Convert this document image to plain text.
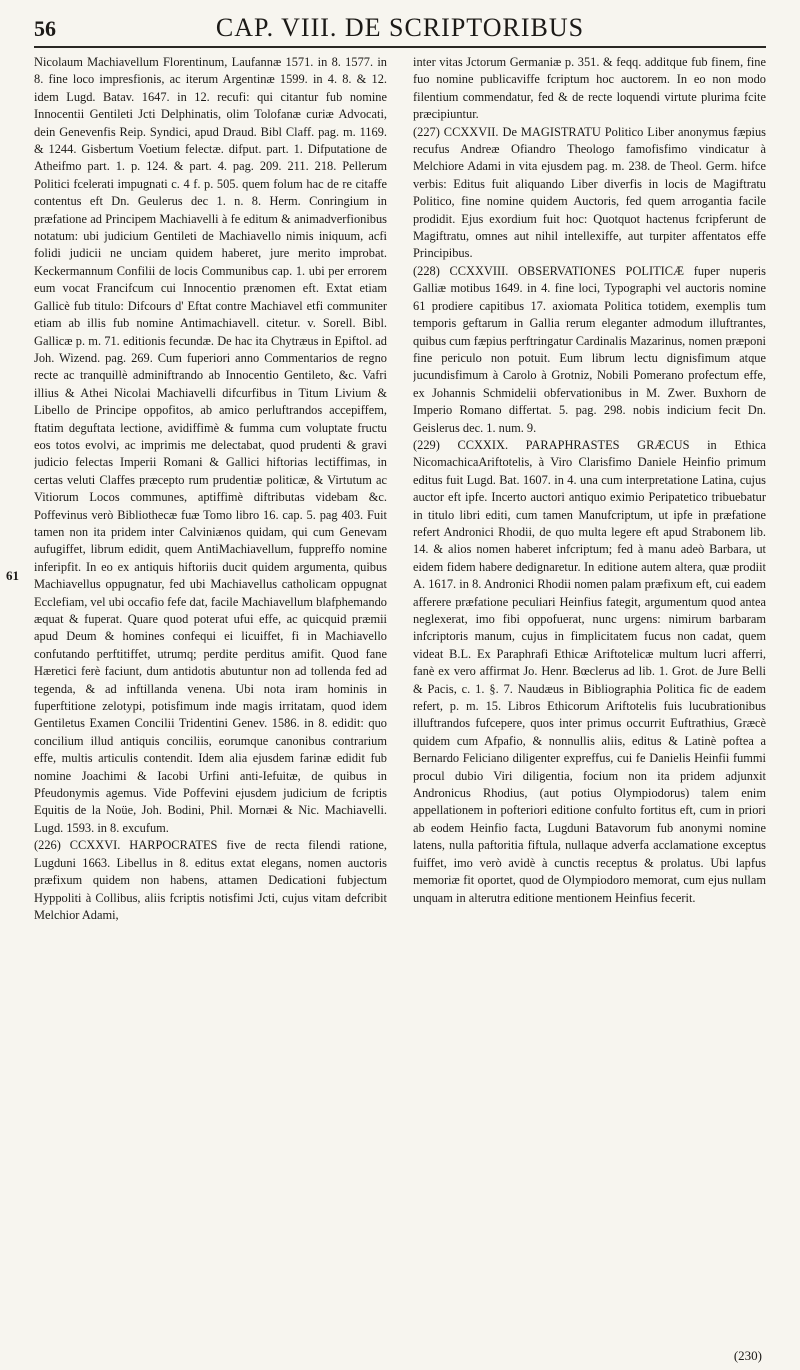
56	CAP. VIII. DE SCRIPTORIBUS

Nicolaum Machiavellum Florentinum, Laufannæ 1571. in 8. 1577. in 8. fine loco impresfionis, ac iterum Argentinæ 1599. in 4. 8. & 12. idem Lugd. Batav. 1647. in 12. recufi: qui citantur fub nomine Innocentii Gentileti Jcti Delphinatis, olim Tolofanæ curiæ Advocati, dein Genevenfis Reip. Syndici, apud Draud. Bibl Claff. pag. m. 1169. & 1244. Gisbertum Voetium felectæ. difput. part. 1. Difputatione de Atheifmo part. 1. p. 124. & part. 4. pag. 209. 211. 218. Pellerum Politici fcelerati impugnati c. 4 f. p. 505. quem folum hac de re citaffe contentus eft Dn. Geulerus dec 1. n. 8. Herm. Conringium in præfatione ad Principem Machiavelli à fe editum & animadverfionibus notatum: ubi judicium Gentileti de Machiavello nimis iniquum, acfi folidi judicii ne unciam quidem haberet, jure merito improbat. Keckermannum Confilii de locis Communibus cap. 1. ubi per errorem eum vocat Francifcum cui Innocentio prænomen eft. Extat etiam Gallicè fub titulo: Difcours d' Eftat contre Machiavel etfi communiter etiam ab illis fub nomine Antimachiavell. citetur. v. Sorell. Bibl. Gallicæ p. m. 71. editionis fecundæ. De hac ita Chytræus in Epiftol. ad Joh. Wizend. pag. 269. Cum fuperiori anno Commentarios de regno recte ac tranquillè adminiftrando ab Innocentio Gentileto, &c. Vafri illius & Athei Nicolai Machiavelli difcurfibus in Titum Livium & Libello de Principe oppofitos, ab amico perluftrandos accepiffem, ftatim deguftata lectione, avidiffimè & fumma cum voluptate fructu eos totos evolvi, ac imprimis me delectabat, quod prudenti & gravi judicio felectas Imperii Romani & Gallici hiftorias lectiffimas, in certas veluti Claffes præcepto rum prudentiæ politicæ, & Virtutum ac Vitiorum Locos communes, aptiffimè diftributas videbam &c. Poffevinus verò Bibliothecæ fuæ Tomo libro 16. cap. 5. pag 403. Fuit tamen non ita pridem inter Calviniænos quidam, qui cum Genevam aufugiffet, librum edidit, quem AntiMachiavellum, fuppreffo nomine inferipfit. In eo ex antiquis hiftoriis ducit quidem argumenta, quibus Machiavellus oppugnatur, fed ubi Machiavellus catholicam oppugnat Ecclefiam, vel ubi occafio fefe dat, facile Machiavellum blafphemando æquat & fuperat. Quare quod poterat ufui effe, ac quicquid præmii apud Deum & homines confequi ei licuiffet, fi in Machiavello confutando perftitiffet, utrumq; perdite perditus amifit. Quod fane Hæretici ferè faciunt, dum antidotis abutuntur non ad tollenda fed ad tegenda, & ad inftillanda venena. Ubi nota iram hominis in fuperftitione zelotypi, potisfimum inde magis irritatam, quod idem Gentiletus Examen Concilii Tridentini Genev. 1586. in 8. edidit: quo concilium illud antiquis conciliis, eorumque canonibus contrarium effe, multis articulis contendit. Idem alia ejusdem farinæ edidit fub nomine Joachimi & Iacobi Urfini anti-Iefuitæ, de quibus in Pfeudonymis agemus. Vide Poffevini ejusdem judicium de fcriptis Equitis de la Noüe, Joh. Bodini, Phil. Mornæi & Nic. Machiavelli. Lugd. 1593. in 8. excufum.

(226) CCXXVI. HARPOCRATES five de recta filendi ratione, Lugduni 1663. Libellus in 8. editus extat elegans, nomen auctoris præfixum quidem non habens, attamen Dedicationi fubjectum Hyppoliti à Collibus, aliis fcriptis notisfimi Jcti, cujus vitam defcribit Melchior Adami,

inter vitas Jctorum Germaniæ p. 351. & feqq. additque fub finem, fine fuo nomine publicaviffe fcriptum hoc auctorem. In eo non modo filentium commendatur, fed & de recte loquendi virtute plurima fcite præcipiuntur.

(227) CCXXVII. De MAGISTRATU Politico Liber anonymus fæpius recufus Andreæ Ofiandro Theologo famofisfimo vindicatur à Melchiore Adami in vita ejusdem pag. m. 238. de Theol. Germ. hifce verbis: Editus fuit aliquando Liber diverfis in locis de Magiftratu Politico, fine nomine quidem Auctoris, fed quem arrogantia facile prodidit. Ejus exordium fuit hoc: Quotquot hactenus fcripferunt de Magiftratu, omnes aut nihil intellexiffe, aut turpiter affentatos effe Principibus.

(228) CCXXVIII. OBSERVATIONES POLITICÆ fuper nuperis Galliæ motibus 1649. in 4. fine loci, Typographi vel auctoris nomine 61 prodiere capitibus 17. axiomata Politica totidem, exemplis tum temporis geftarum in Gallia rerum eleganter admodum illuftrantes, quibus cum fæpius perftringatur Cardinalis Mazarinus, nomen præponi fine periculo non potuit. Eum librum lectu dignisfimum atque jucundisfimum à Carolo à Grotniz, Nobili Pomerano profectum effe, ex Johannis Schmidelii obfervationibus in M. Zwer. Buxhorn de Imperio Romano differtat. 5. pag. 298. nobis indicium fecit Dn. Geislerus dec. 1. num. 9.

(229) CCXXIX. PARAPHRASTES GRÆCUS in Ethica NicomachicaAriftotelis, à Viro Clarisfimo Daniele Heinfio primum editus fuit Lugd. Bat. 1607. in 4. una cum interpretatione Latina, cujus auctor eft ipfe. Incerto auctori antiquo eximio Peripatetico tribuebatur in titulo libri editi, cum tamen Manufcriptum, ut ipfe in præfatione refert Andronici Rhodii, de quo multa legere eft apud Strabonem lib. 14. & alios nomen haberet infcriptum; fed à manu adeò Barbara, ut eidem fidem habere dedignaretur. In editione autem altera, quæ prodiit A. 1617. in 8. Andronici Rhodii nomen palam præfixum eft, cui eadem afferere præfatione peculiari Heinfius fategit, argumentum quod antea neglexerat, imo fibi oppofuerat, nunc urgens: nimirum barbaram infcriptoris manum, cujus in fimplicitatem fucus non cadat, quem videat B.L. Ex Paraphrafi Ethicæ Ariftotelicæ multum lucri afferri, fanè ex vero affirmat Jo. Henr. Bœclerus ad lib. 1. Grot. de Jure Belli & Pacis, c. 1. §. 7. Naudæus in Bibliographia Politica fic de eadem refert, p. m. 15. Libros Ethicorum Ariftotelis fuis lucubrationibus illuftrandos fufcepere, quos inter primus occurrit Euftrathius, Græcè quidem cum Afpafio, & nonnullis aliis, editus & Latinè poftea a Bernardo Feliciano diligenter expreffus, cui fe Danielis Heinfii fummi procul dubio Viri diligentia, focium non ita pridem adjunxit Andronicus Rhodius, (aut potius Olympiodorus) talem enim appellationem in pofteriori editione confulto fortitus eft, cum in priori ab eodem Heinfio facta, Lugduni Batavorum fub anonymi nomine latens, nulla paftoritia fiftula, nullaque adverfa acclamatione exceptus fuiffet, imo verò avidè à cunctis receptus & prolatus. Ubi lapfus memoriæ fit oportet, quod de Olympiodoro memorat, cum ejus nullam unquam in alterutra editione mentionem Heinfius fecerit.

61
(230)
